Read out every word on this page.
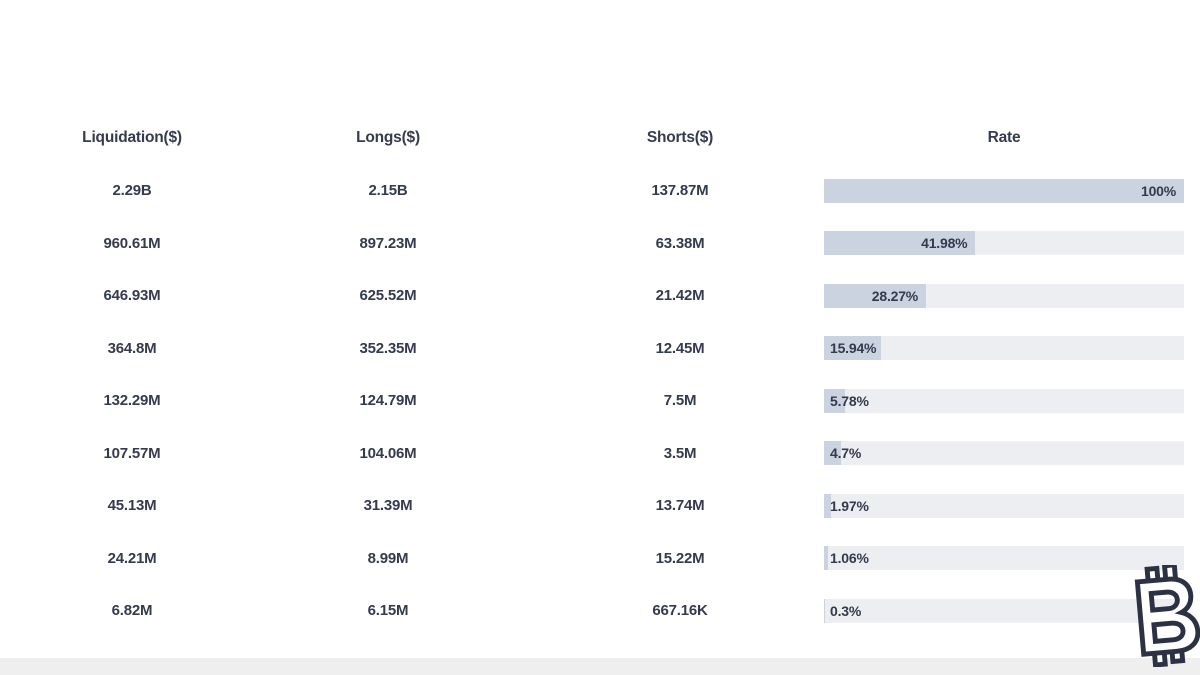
Liquidation($)	Longs($)	Shorts($)	Rate
2.29B	2.15B	137.87M	100%
960.61M	897.23M	63.38M	41.98%
646.93M	625.52M	21.42M	28.27%
364.8M	352.35M	12.45M	15.94%
132.29M	124.79M	7.5M	5.78%
107.57M	104.06M	3.5M	4.7%
45.13M	31.39M	13.74M	1.97%
24.21M	8.99M	15.22M	1.06%
6.82M	6.15M	667.16K	0.3%
